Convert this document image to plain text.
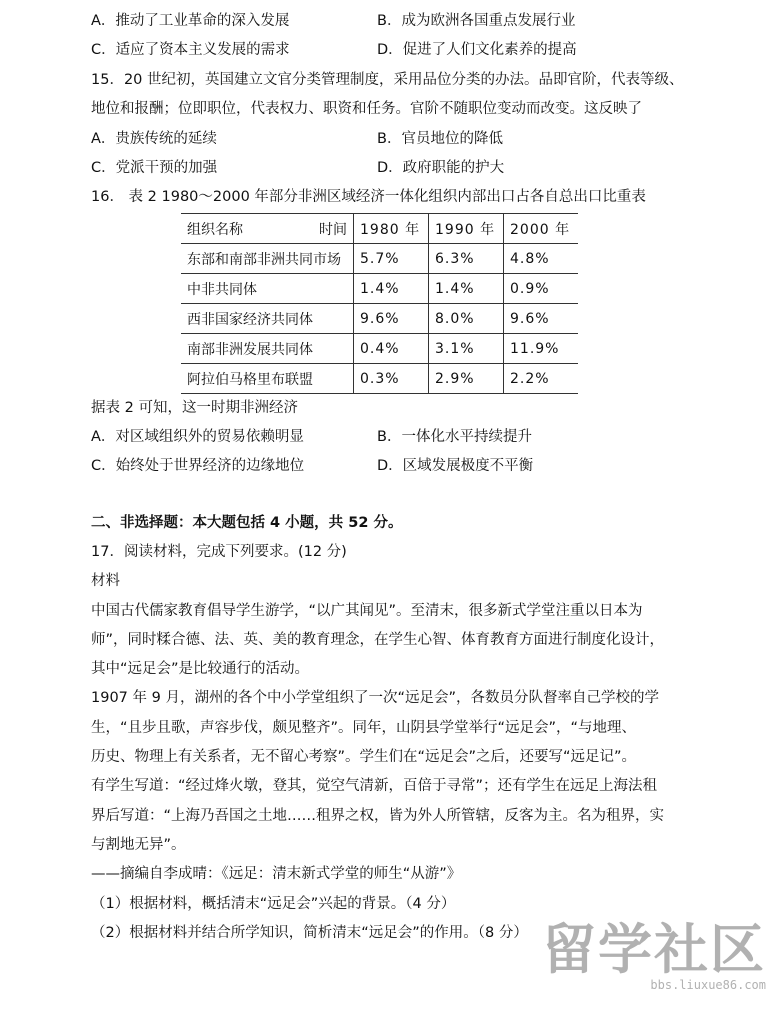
A．推动了工业革命的深入发展	B．成为欧洲各国重点发展行业
C．适应了资本主义发展的需求	D．促进了人们文化素养的提高
15．20 世纪初，英国建立文官分类管理制度，采用品位分类的办法。品即官阶，代表等级、
地位和报酬；位即职位，代表权力、职资和任务。官阶不随职位变动而改变。这反映了
A．贵族传统的延续	B．官员地位的降低
C．党派干预的加强	D．政府职能的护大
16． 表 2 1980～2000 年部分非洲区域经济一体化组织内部出口占各自总出口比重表
组织名称 时间	1980 年	1990 年	2000 年
东部和南部非洲共同市场	5.7%	6.3%	4.8%
中非共同体	1.4%	1.4%	0.9%
西非国家经济共同体	9.6%	8.0%	9.6%
南部非洲发展共同体	0.4%	3.1%	11.9%
阿拉伯马格里布联盟	0.3%	2.9%	2.2%
据表 2 可知，这一时期非洲经济
A．对区域组织外的贸易依赖明显	B．一体化水平持续提升
C．始终处于世界经济的边缘地位	D．区域发展极度不平衡
二、非选择题：本大题包括 4 小题，共 52 分。
17．阅读材料，完成下列要求。(12 分)
材料
中国古代儒家教育倡导学生游学，“以广其闻见”。至清末，很多新式学堂注重以日本为
师”，同时糅合德、法、英、美的教育理念，在学生心智、体育教育方面进行制度化设计，
其中“远足会”是比较通行的活动。
1907 年 9 月，湖州的各个中小学堂组织了一次“远足会”，各数员分队督率自己学校的学
生，“且步且歌，声容步伐，颇见整齐”。同年，山阴县学堂举行“远足会”，“与地理、
历史、物理上有关系者，无不留心考察”。学生们在“远足会”之后，还要写“远足记”。
有学生写道：“经过烽火墩，登其，觉空气清新，百倍于寻常”；还有学生在远足上海法租
界后写道：“上海乃吾国之土地……租界之权，皆为外人所管辖，反客为主。名为租界，实
与割地无异”。
——摘编自李成晴：《远足：清末新式学堂的师生“从游”》
（1）根据材料，概括清末“远足会”兴起的背景。（4 分）
（2）根据材料并结合所学知识，简析清末“远足会”的作用。（8 分） 留学社区
bbs.liuxue86.com
